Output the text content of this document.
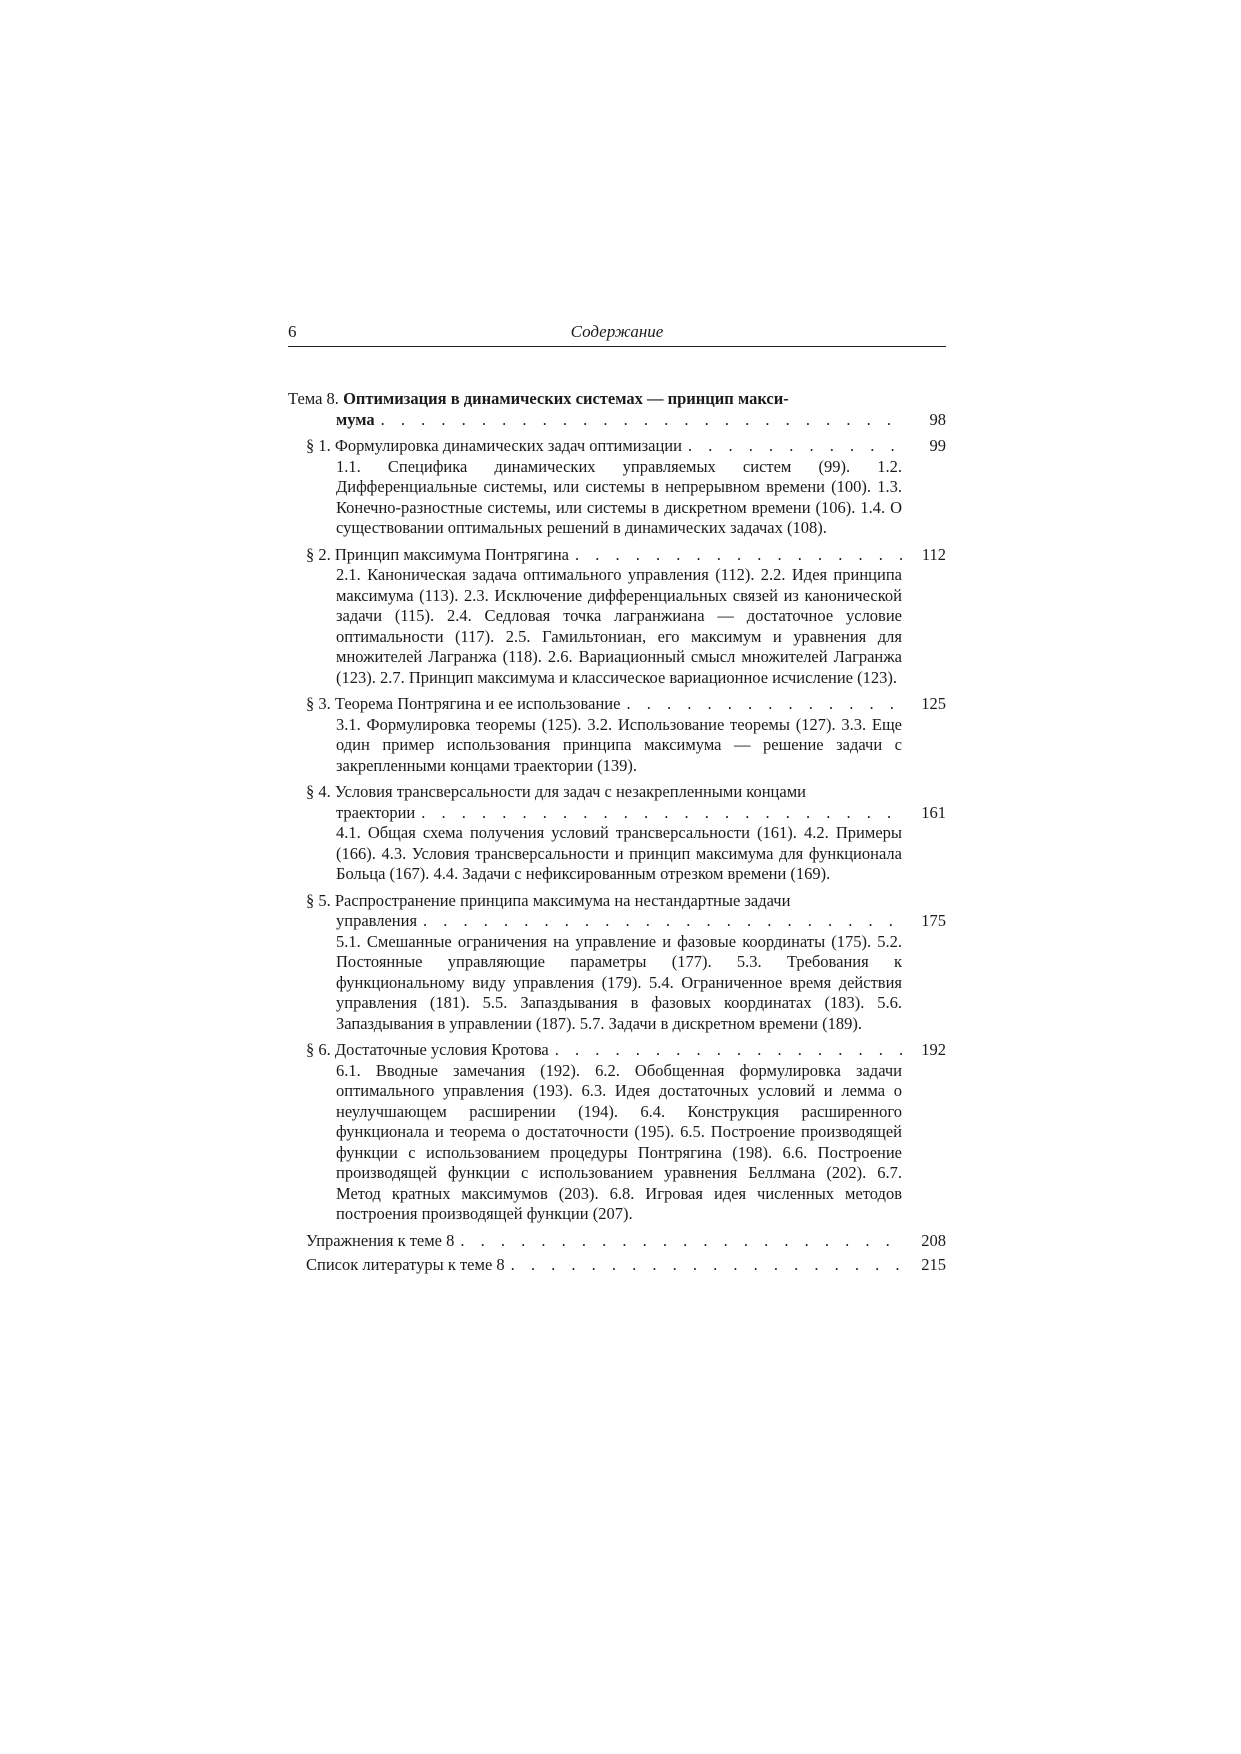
6	Содержание
Тема 8. Оптимизация в динамических системах — принцип макси-
мума . . .	98
§ 1. Формулировка динамических задач оптимизации . . .	99
1.1. Специфика динамических управляемых систем (99). 1.2. Дифференциальные системы, или системы в непрерывном времени (100). 1.3. Конечно-разностные системы, или системы в дискретном времени (106). 1.4. О существовании оптимальных решений в динамических задачах (108).
§ 2. Принцип максимума Понтрягина . . .	112
2.1. Каноническая задача оптимального управления (112). 2.2. Идея принципа максимума (113). 2.3. Исключение дифференциальных связей из канонической задачи (115). 2.4. Седловая точка лагранжиана — достаточное условие оптимальности (117). 2.5. Гамильтониан, его максимум и уравнения для множителей Лагранжа (118). 2.6. Вариационный смысл множителей Лагранжа (123). 2.7. Принцип максимума и классическое вариационное исчисление (123).
§ 3. Теорема Понтрягина и ее использование . . .	125
3.1. Формулировка теоремы (125). 3.2. Использование теоремы (127). 3.3. Еще один пример использования принципа максимума — решение задачи с закрепленными концами траектории (139).
§ 4. Условия трансверсальности для задач с незакрепленными концами
траектории . . .	161
4.1. Общая схема получения условий трансверсальности (161). 4.2. Примеры (166). 4.3. Условия трансверсальности и принцип максимума для функционала Больца (167). 4.4. Задачи с нефиксированным отрезком времени (169).
§ 5. Распространение принципа максимума на нестандартные задачи
управления . . .	175
5.1. Смешанные ограничения на управление и фазовые координаты (175). 5.2. Постоянные управляющие параметры (177). 5.3. Требования к функциональному виду управления (179). 5.4. Ограниченное время действия управления (181). 5.5. Запаздывания в фазовых координатах (183). 5.6. Запаздывания в управлении (187). 5.7. Задачи в дискретном времени (189).
§ 6. Достаточные условия Кротова . . .	192
6.1. Вводные замечания (192). 6.2. Обобщенная формулировка задачи оптимального управления (193). 6.3. Идея достаточных условий и лемма о неулучшающем расширении (194). 6.4. Конструкция расширенного функционала и теорема о достаточности (195). 6.5. Построение производящей функции с использованием процедуры Понтрягина (198). 6.6. Построение производящей функции с использованием уравнения Беллмана (202). 6.7. Метод кратных максимумов (203). 6.8. Игровая идея численных методов построения производящей функции (207).
Упражнения к теме 8 . . .	208
Список литературы к теме 8 . . .	215
